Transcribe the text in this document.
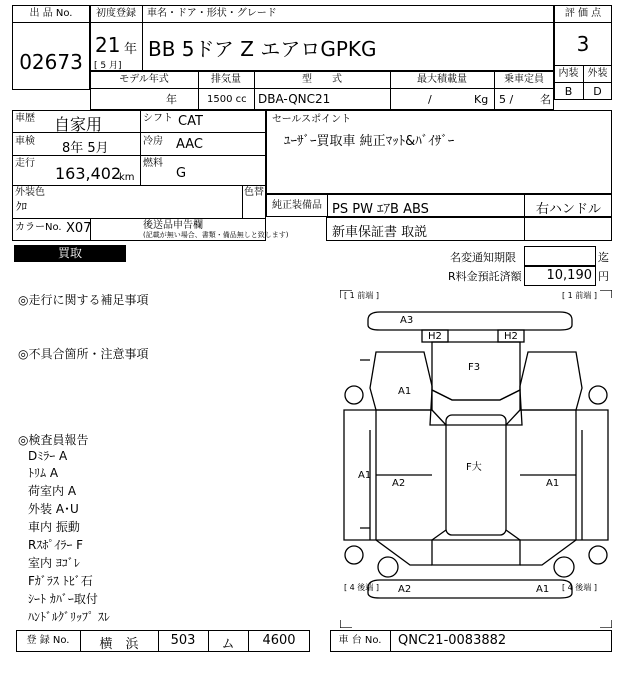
出 品 No.
02673
初度登録
21 年
[ 5 月]
車名・ドア・形状・グレード
BB 5ドア Z エアロGPKG
評 価 点
3
内装 外装
B	D
モデル年式
年
排気量
1500 cc
型　　式
DBA-QNC21
最大積載量
/	Kg
乗車定員
5 / 名
車歴 自家用
車検 8年 5月
走行
163,402
km
シフト CAT
冷房 AAC
燃料
G
外装色
ｸﾛ
色替
カラーNo. X07	後送品申告欄
(記載が無い場合、書類・備品無しと致します)
セールスポイント
ﾕｰｻﾞｰ買取車 純正ﾏｯﾄ&ﾊﾞｲｻﾞｰ
純正装備品 PS PW ｴｱB ABS	右ハンドル
新車保証書 取説
買取	名変通知期限	迄
R料金預託済額	10,190 円
◎走行に関する補足事項
◎不具合箇所・注意事項
◎検査員報告
Dﾐﾗｰ A
ﾄﾘﾑ A
荷室内 A
外装 A･U
車内 振動
Rｽﾎﾟｲﾗｰ F
室内 ﾖｺﾞﾚ
Fｶﾞﾗｽ ﾄﾋﾞ石
ｼｰﾄ ｶﾊﾞｰ取付
ﾊﾝﾄﾞﾙｸﾞﾘｯﾌﾟ ｽﾚ
[ 1 前端 ]	[ 1 前端 ]
[ 4 後端 ]	[ 4 後端 ]
A3
H2	H2
F3
A1
A1
A2
F大
A1
A2	A1
登 録 No.	横　浜	503	ム	4600	車 台 No.	QNC21-0083882
